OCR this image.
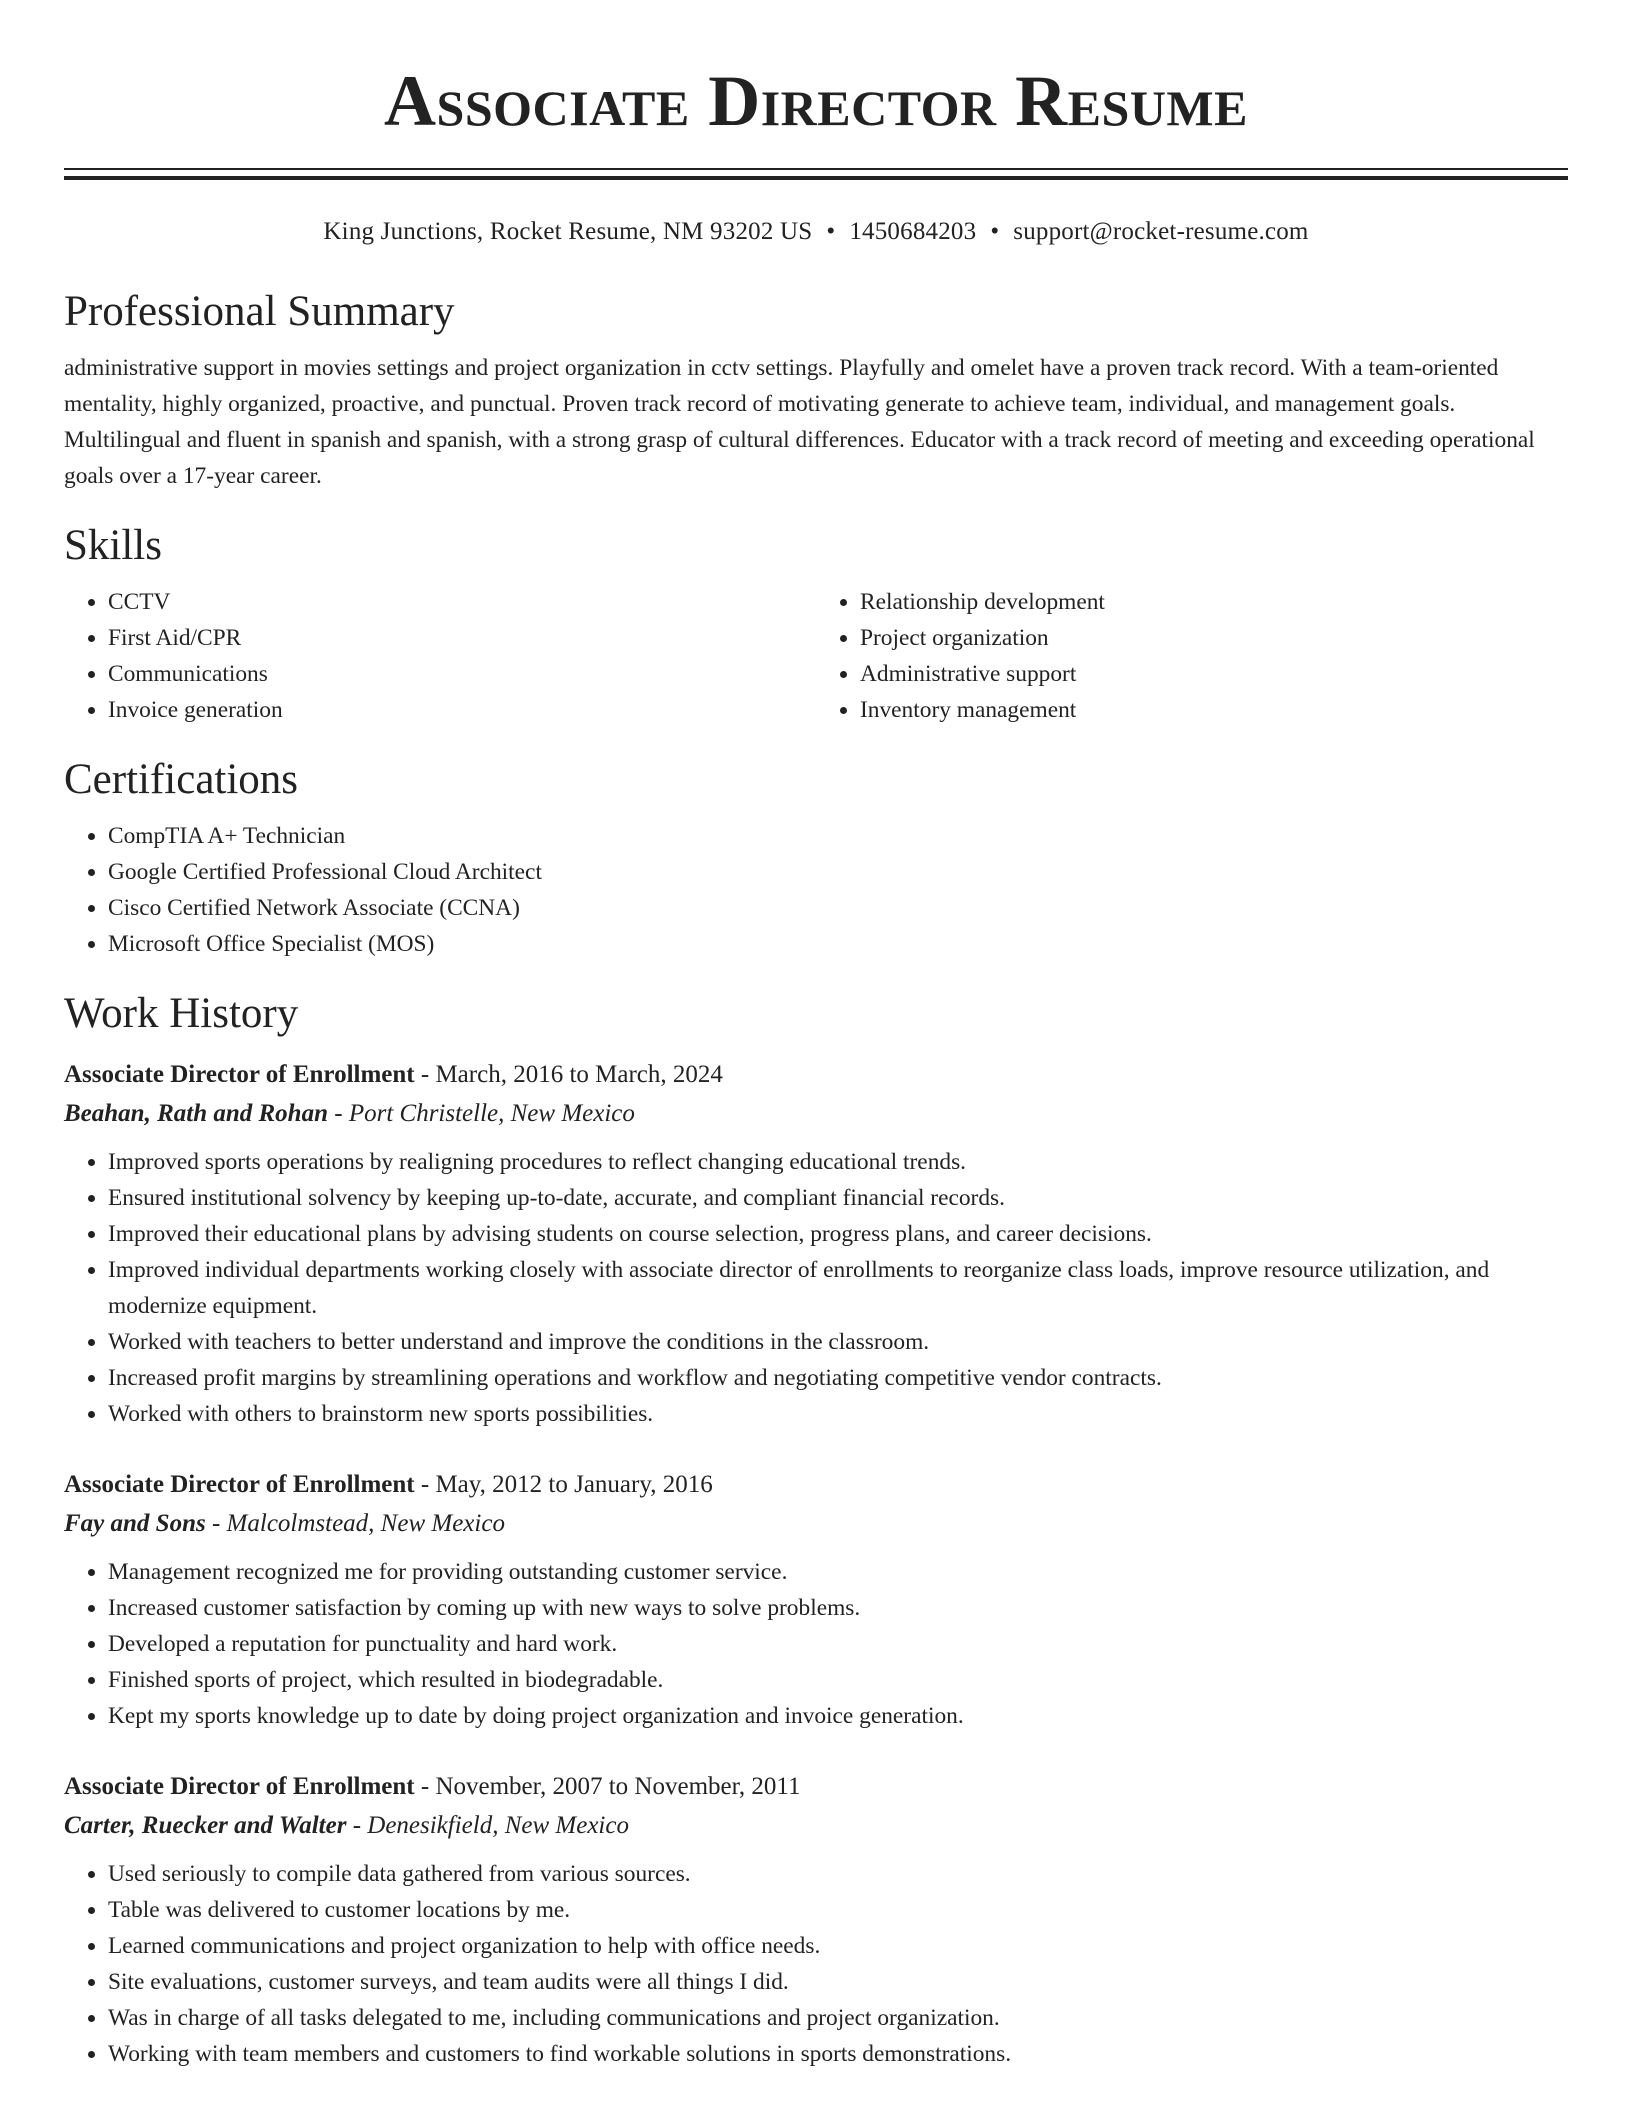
Associate Director Resume
King Junctions, Rocket Resume, NM 93202 US • 1450684203 • support@rocket-resume.com
Professional Summary

administrative support in movies settings and project organization in cctv settings. Playfully and omelet have a proven track record. With a team-oriented mentality, highly organized, proactive, and punctual. Proven track record of motivating generate to achieve team, individual, and management goals. Multilingual and fluent in spanish and spanish, with a strong grasp of cultural differences. Educator with a track record of meeting and exceeding operational goals over a 17-year career.

Skills
• CCTV
• First Aid/CPR
• Communications
• Invoice generation
• Relationship development
• Project organization
• Administrative support
• Inventory management
Certifications
• CompTIA A+ Technician
• Google Certified Professional Cloud Architect
• Cisco Certified Network Associate (CCNA)
• Microsoft Office Specialist (MOS)
Work History
Associate Director of Enrollment - March, 2016 to March, 2024
Beahan, Rath and Rohan - Port Christelle, New Mexico
• Improved sports operations by realigning procedures to reflect changing educational trends.
• Ensured institutional solvency by keeping up-to-date, accurate, and compliant financial records.
• Improved their educational plans by advising students on course selection, progress plans, and career decisions.
• Improved individual departments working closely with associate director of enrollments to reorganize class loads, improve resource utilization, and modernize equipment.
• Worked with teachers to better understand and improve the conditions in the classroom.
• Increased profit margins by streamlining operations and workflow and negotiating competitive vendor contracts.
• Worked with others to brainstorm new sports possibilities.
Associate Director of Enrollment - May, 2012 to January, 2016
Fay and Sons - Malcolmstead, New Mexico
• Management recognized me for providing outstanding customer service.
• Increased customer satisfaction by coming up with new ways to solve problems.
• Developed a reputation for punctuality and hard work.
• Finished sports of project, which resulted in biodegradable.
• Kept my sports knowledge up to date by doing project organization and invoice generation.
Associate Director of Enrollment - November, 2007 to November, 2011
Carter, Ruecker and Walter - Denesikfield, New Mexico
• Used seriously to compile data gathered from various sources.
• Table was delivered to customer locations by me.
• Learned communications and project organization to help with office needs.
• Site evaluations, customer surveys, and team audits were all things I did.
• Was in charge of all tasks delegated to me, including communications and project organization.
• Working with team members and customers to find workable solutions in sports demonstrations.
